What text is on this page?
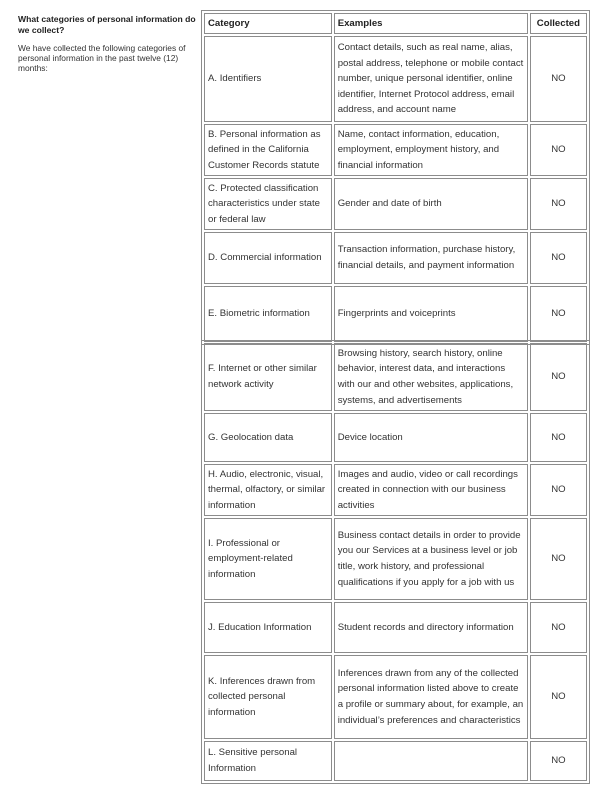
What categories of personal information do we collect?

We have collected the following categories of personal information in the past twelve (12) months:

Category	Examples	Collected
A. Identifiers	Contact details, such as real name, alias, postal address, telephone or mobile contact number, unique personal identifier, online identifier, Internet Protocol address, email address, and account name	NO
B. Personal information as defined in the California Customer Records statute	Name, contact information, education, employment, employment history, and financial information	NO
C. Protected classification characteristics under state or federal law	Gender and date of birth	NO
D. Commercial information	Transaction information, purchase history, financial details, and payment information	NO
E. Biometric information	Fingerprints and voiceprints	NO
F. Internet or other similar network activity	Browsing history, search history, online behavior, interest data, and interactions with our and other websites, applications, systems, and advertisements	NO
G. Geolocation data	Device location	NO
H. Audio, electronic, visual, thermal, olfactory, or similar information	Images and audio, video or call recordings created in connection with our business activities	NO
I. Professional or employment-related information	Business contact details in order to provide you our Services at a business level or job title, work history, and professional qualifications if you apply for a job with us	NO
J. Education Information	Student records and directory information	NO
K. Inferences drawn from collected personal information	Inferences drawn from any of the collected personal information listed above to create a profile or summary about, for example, an individual’s preferences and characteristics	NO
L. Sensitive personal Information		NO
